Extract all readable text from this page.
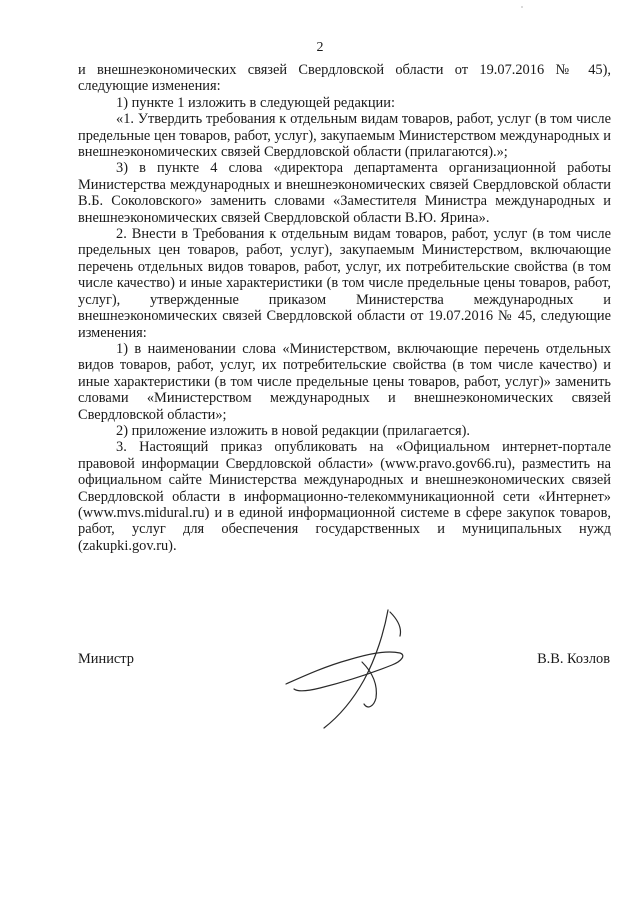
2

и внешнеэкономических связей Свердловской области от 19.07.2016 № 45), следующие изменения:

1) пункте 1 изложить в следующей редакции:

«1. Утвердить требования к отдельным видам товаров, работ, услуг (в том числе предельные цен товаров, работ, услуг), закупаемым Министерством международных и внешнеэкономических связей Свердловской области (прилагаются).»;

3) в пункте 4 слова «директора департамента организационной работы Министерства международных и внешнеэкономических связей Свердловской области В.Б. Соколовского» заменить словами «Заместителя Министра международных и внешнеэкономических связей Свердловской области В.Ю. Ярина».

2. Внести в Требования к отдельным видам товаров, работ, услуг (в том числе предельных цен товаров, работ, услуг), закупаемым Министерством, включающие перечень отдельных видов товаров, работ, услуг, их потребительские свойства (в том числе качество) и иные характеристики (в том числе предельные цены товаров, работ, услуг), утвержденные приказом Министерства международных и внешнеэкономических связей Свердловской области от 19.07.2016 № 45, следующие изменения:

1) в наименовании слова «Министерством, включающие перечень отдельных видов товаров, работ, услуг, их потребительские свойства (в том числе качество) и иные характеристики (в том числе предельные цены товаров, работ, услуг)» заменить словами «Министерством международных и внешнеэкономических связей Свердловской области»;

2) приложение изложить в новой редакции (прилагается).

3. Настоящий приказ опубликовать на «Официальном интернет-портале правовой информации Свердловской области» (www.pravo.gov66.ru), разместить на официальном сайте Министерства международных и внешнеэкономических связей Свердловской области в информационно-телекоммуникационной сети «Интернет» (www.mvs.midural.ru) и в единой информационной системе в сфере закупок товаров, работ, услуг для обеспечения государственных и муниципальных нужд (zakupki.gov.ru).

Министр	В.В. Козлов
